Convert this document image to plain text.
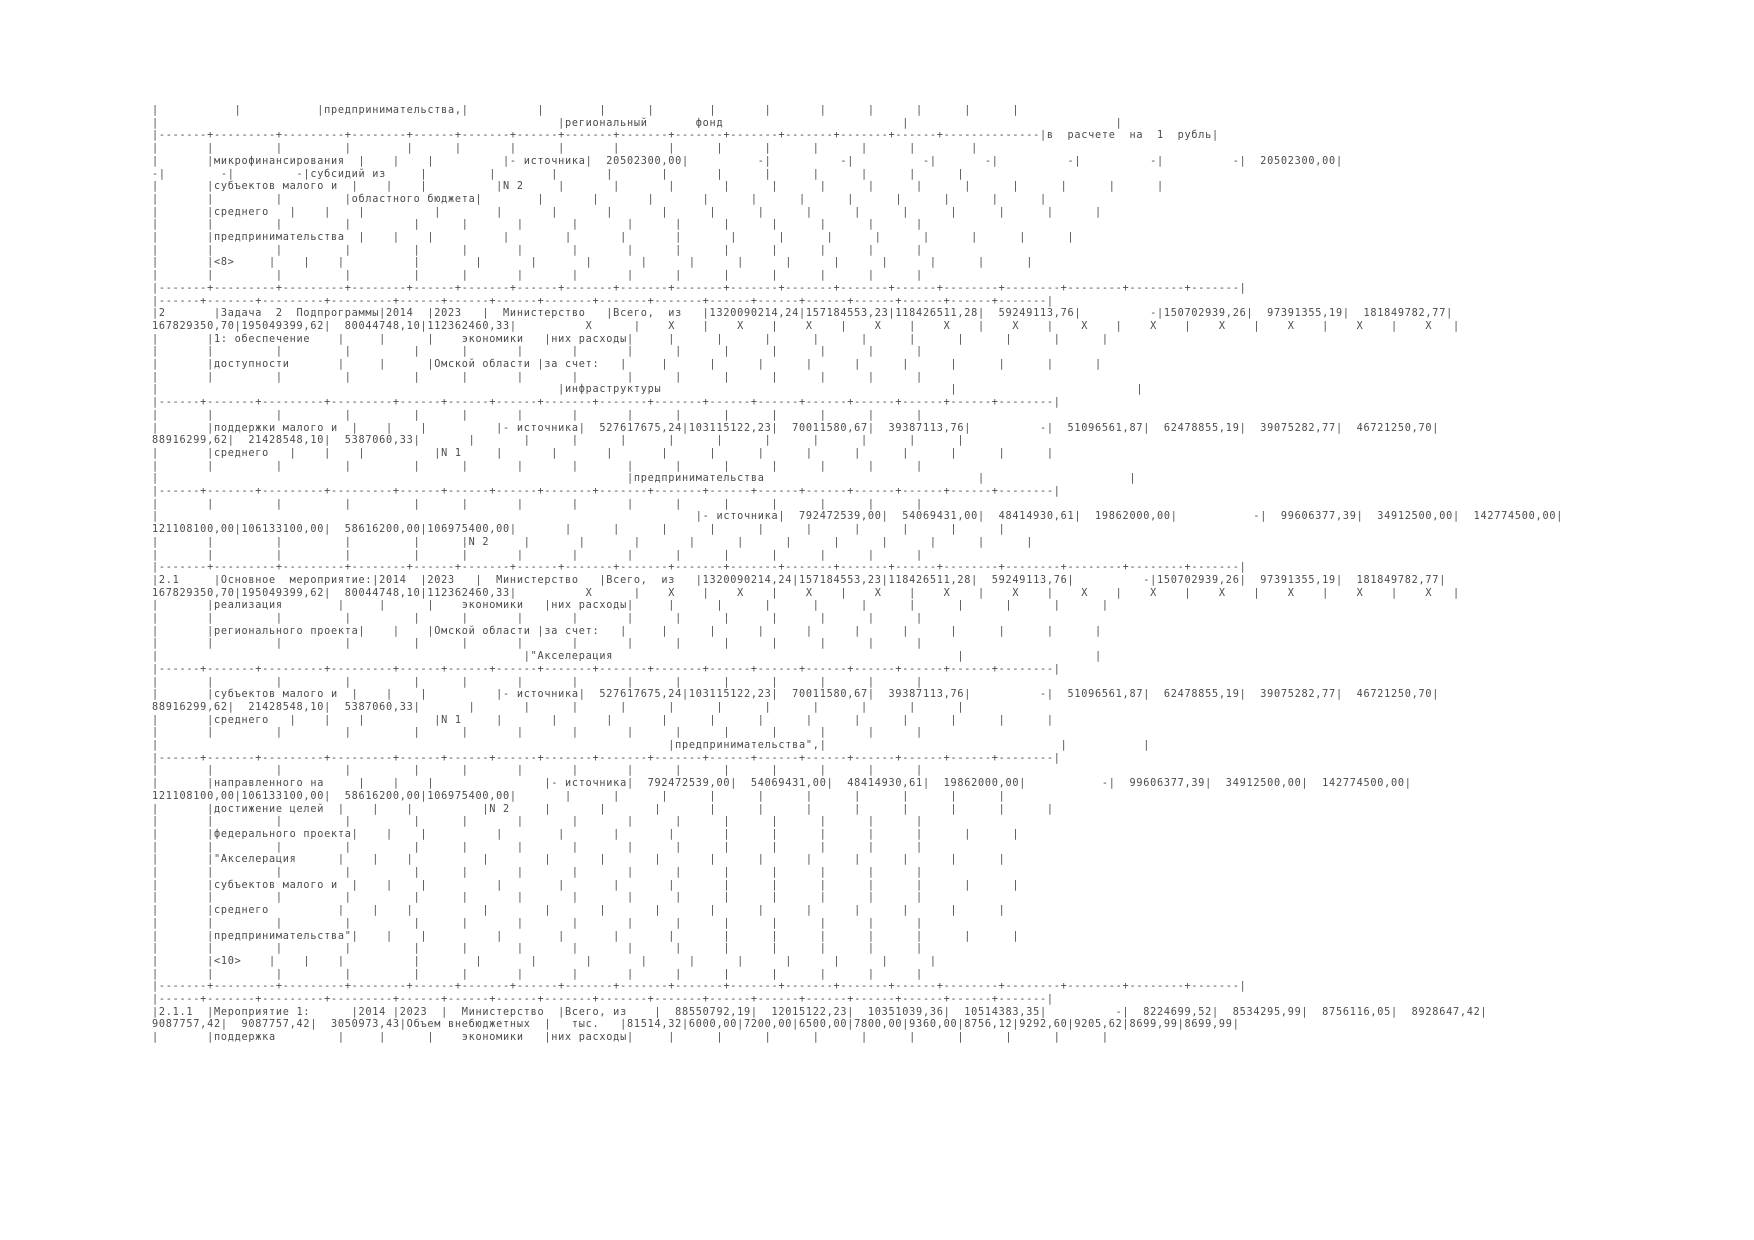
|           |           |предпринимательства,|          |        |      |        |       |       |      |      |      |      |
|                                                          |региональный       фонд                          |                              |
|-------+---------+---------+--------+------+-------+------+-------+-------+-------+-------+-------+-------+------+--------------|в  расчете  на  1  рубль|
|       |         |         |        |      |       |      |       |       |      |      |      |      |      |        |
|       |микрофинансирования  |    |    |          |- источника|  20502300,00|          -|          -|          -|       -|          -|          -|          -|  20502300,00|
-|        -|         -|субсидий из     |         |        |       |       |       |      |      |      |      |      |
|       |субъектов малого и  |    |    |          |N 2     |       |       |       |      |      |      |      |      |      |      |      |      |
|       |         |         |областного бюджета|        |       |       |       |      |      |      |      |      |      |      |
|       |среднего   |    |    |          |        |       |       |       |      |      |      |      |      |      |      |      |      |
|       |         |         |         |      |       |       |       |      |      |      |      |      |      |
|       |предпринимательства  |    |    |          |        |       |       |       |      |      |      |      |      |      |      |
|       |         |         |         |      |       |       |       |      |      |      |      |      |      |
|       |<8>     |    |    |          |        |       |       |       |      |      |      |      |      |      |      |      |
|       |         |         |         |      |       |       |       |      |      |      |      |      |      |
|-------+---------+---------+--------+------+-------+------+-------+-------+-------+-------+-------+-------+------+--------+--------+--------+--------+-------|
|------+-------+---------+---------+------+------+------+-------+-------+-------+------+------+------+------+------+------+-------|
|2       |Задача  2  Подпрограммы|2014  |2023   |  Министерство   |Всего,  из   |1320090214,24|157184553,23|118426511,28|  59249113,76|          -|150702939,26|  97391355,19|  181849782,77|
167829350,70|195049399,62|  80044748,10|112362460,33|          X      |    X    |    X    |    X    |    X    |    X    |    X    |    X    |    X    |    X    |    X    |    X    |    X   |
|       |1: обеспечение    |     |      |    экономики   |них расходы|     |      |      |      |      |      |      |      |      |      |
|       |         |         |         |      |       |       |       |      |      |      |      |      |      |
|       |доступности       |     |      |Омской области |за счет:   |     |      |      |      |      |      |      |      |      |      |
|       |         |         |         |      |       |       |       |      |      |      |      |      |      |
|                                                          |инфраструктуры                                          |                          |
|------+-------+---------+---------+------+------+------+-------+-------+-------+------+------+------+------+------+------+--------|
|       |         |         |         |      |       |       |       |      |      |      |      |      |      |
|       |поддержки малого и  |    |    |          |- источника|  527617675,24|103115122,23|  70011580,67|  39387113,76|          -|  51096561,87|  62478855,19|  39075282,77|  46721250,70|
88916299,62|  21428548,10|  5387060,33|       |       |      |      |      |      |      |      |      |      |      |
|       |среднего   |    |    |          |N 1     |       |       |       |      |      |      |      |      |      |      |      |
|       |         |         |         |      |       |       |       |      |      |      |      |      |      |
|                                                                    |предпринимательства                               |                     |
|------+-------+---------+---------+------+------+------+-------+-------+-------+------+------+------+------+------+------+--------|
|       |         |         |         |      |       |       |       |      |      |      |      |      |      |
|                                                                              |- источника|  792472539,00|  54069431,00|  48414930,61|  19862000,00|           -|  99606377,39|  34912500,00|  142774500,00|
121108100,00|106133100,00|  58616200,00|106975400,00|       |      |      |      |      |      |      |      |      |      |
|       |         |         |         |      |N 2     |       |       |       |      |      |      |      |      |      |      |
|       |         |         |         |      |       |       |       |      |      |      |      |      |      |
|-------+---------+---------+--------+------+-------+------+-------+-------+-------+-------+-------+-------+------+--------+--------+--------+--------+-------|
|2.1     |Основное  мероприятие:|2014  |2023   |  Министерство   |Всего,  из   |1320090214,24|157184553,23|118426511,28|  59249113,76|          -|150702939,26|  97391355,19|  181849782,77|
167829350,70|195049399,62|  80044748,10|112362460,33|          X      |    X    |    X    |    X    |    X    |    X    |    X    |    X    |    X    |    X    |    X    |    X    |    X   |
|       |реализация        |     |      |    экономики   |них расходы|     |      |      |      |      |      |      |      |      |      |
|       |         |         |         |      |       |       |       |      |      |      |      |      |      |
|       |регионального проекта|    |    |Омской области |за счет:   |     |      |      |      |      |      |      |      |      |      |
|       |         |         |         |      |       |       |       |      |      |      |      |      |      |
|                                                     |"Акселерация                                                  |                   |
|------+-------+---------+---------+------+------+------+-------+-------+-------+------+------+------+------+------+------+--------|
|       |         |         |         |      |       |       |       |      |      |      |      |      |      |
|       |субъектов малого и  |    |    |          |- источника|  527617675,24|103115122,23|  70011580,67|  39387113,76|          -|  51096561,87|  62478855,19|  39075282,77|  46721250,70|
88916299,62|  21428548,10|  5387060,33|       |       |      |      |      |      |      |      |      |      |      |
|       |среднего   |    |    |          |N 1     |       |       |       |      |      |      |      |      |      |      |      |
|       |         |         |         |      |       |       |       |      |      |      |      |      |      |
|                                                                          |предпринимательства",|                                  |           |
|------+-------+---------+---------+------+------+------+-------+-------+-------+------+------+------+------+------+------+--------|
|       |         |         |         |      |       |       |       |      |      |      |      |      |      |
|       |направленного на     |    |    |                |- источника|  792472539,00|  54069431,00|  48414930,61|  19862000,00|           -|  99606377,39|  34912500,00|  142774500,00|
121108100,00|106133100,00|  58616200,00|106975400,00|       |      |      |      |      |      |      |      |      |      |
|       |достижение целей  |    |    |          |N 2     |       |       |       |      |      |      |      |      |      |      |
|       |         |         |         |      |       |       |       |      |      |      |      |      |      |
|       |федерального проекта|    |    |          |        |       |       |       |      |      |      |      |      |      |
|       |         |         |         |      |       |       |       |      |      |      |      |      |      |
|       |"Акселерация      |    |    |          |        |       |       |       |      |      |      |      |      |      |
|       |         |         |         |      |       |       |       |      |      |      |      |      |      |
|       |субъектов малого и  |    |    |          |        |       |       |       |      |      |      |      |      |      |
|       |         |         |         |      |       |       |       |      |      |      |      |      |      |
|       |среднего          |    |    |          |        |       |       |       |      |      |      |      |      |      |
|       |         |         |         |      |       |       |       |      |      |      |      |      |      |
|       |предпринимательства"|    |    |          |        |       |       |       |      |      |      |      |      |      |
|       |         |         |         |      |       |       |       |      |      |      |      |      |      |
|       |<10>    |    |    |          |        |       |       |       |      |      |      |      |      |      |
|       |         |         |         |      |       |       |       |      |      |      |      |      |      |
|-------+---------+---------+--------+------+-------+------+-------+-------+-------+-------+-------+-------+------+--------+--------+--------+--------+-------|
|------+-------+---------+---------+------+------+------+-------+-------+-------+------+------+------+------+------+------+-------|
|2.1.1  |Мероприятие 1:      |2014 |2023  |  Министерство  |Всего, из    |  88550792,19|  12015122,23|  10351039,36|  10514383,35|          -|  8224699,52|  8534295,99|  8756116,05|  8928647,42|
9087757,42|  9087757,42|  3050973,43|Объем внебюджетных  |   тыс.   |81514,32|6000,00|7200,00|6500,00|7800,00|9360,00|8756,12|9292,60|9205,62|8699,99|8699,99|
|       |поддержка         |     |      |    экономики   |них расходы|     |      |      |      |      |      |      |      |      |      |
